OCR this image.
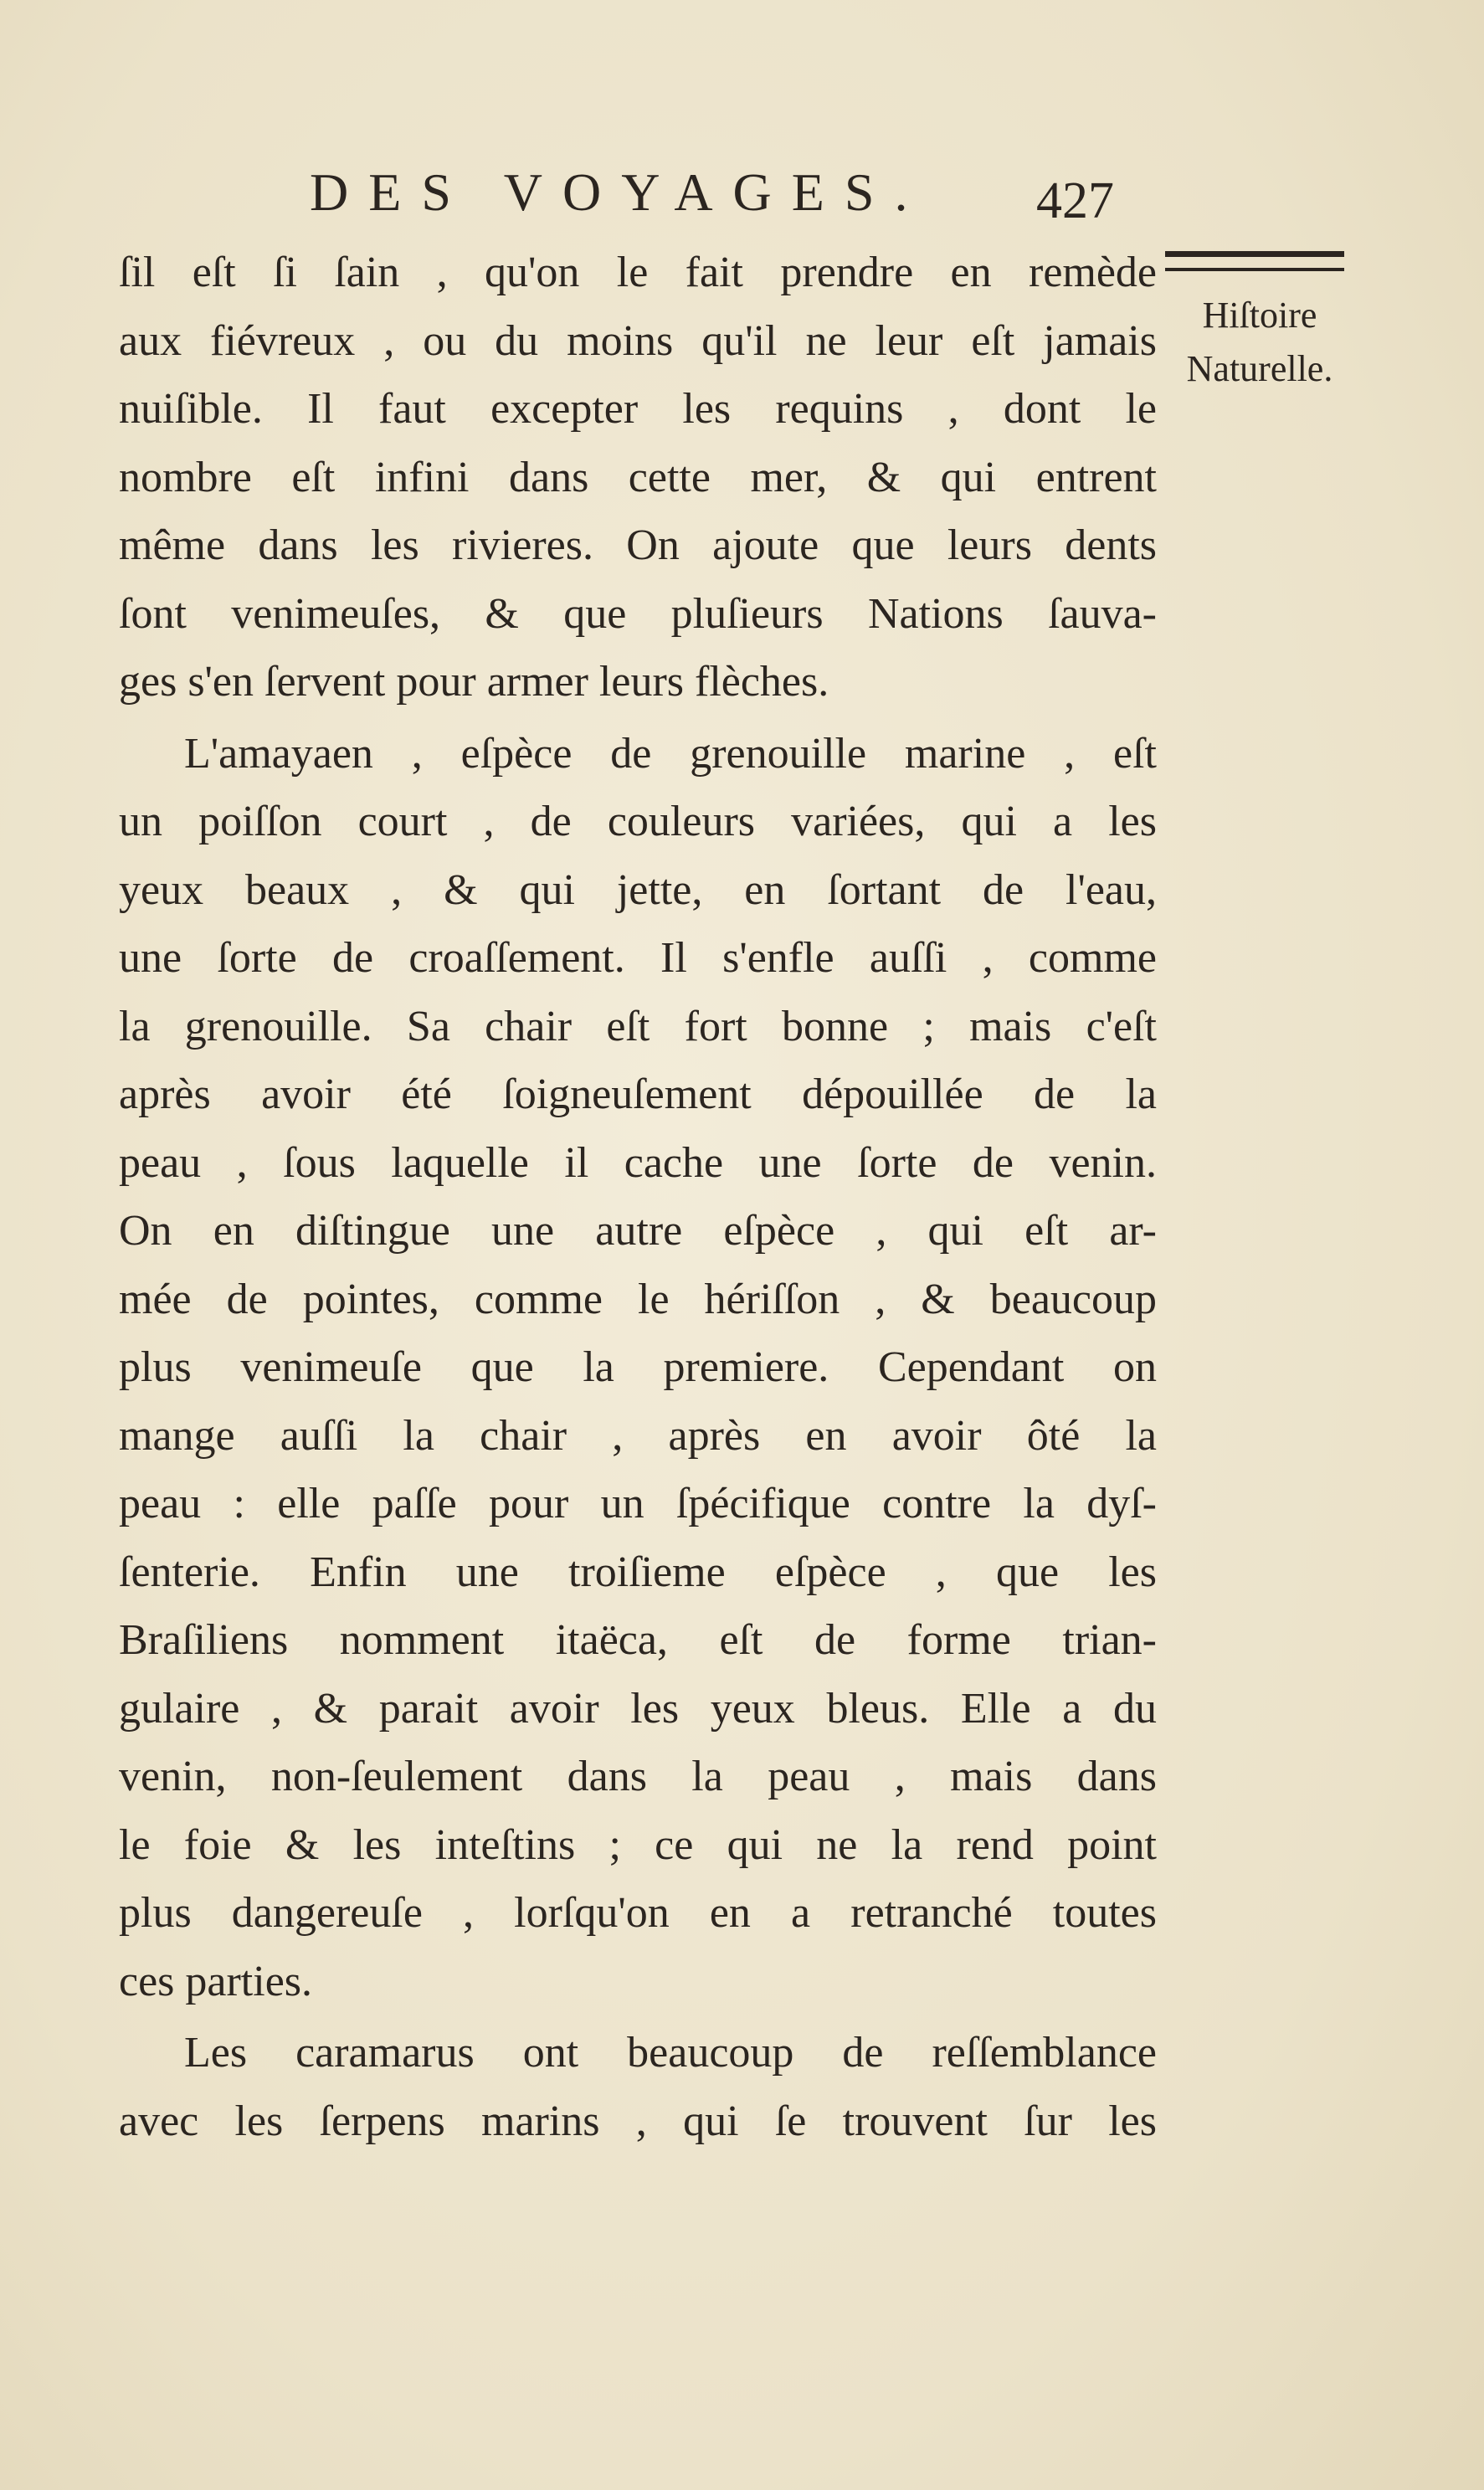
DES VOYAGES. 427
Hiſtoire
Naturelle.
ſil eſt ſi ſain , qu'on le fait prendre en remède
aux fiévreux , ou du moins qu'il ne leur eſt jamais
nuiſible. Il faut excepter les requins , dont le
nombre eſt infini dans cette mer, & qui entrent
même dans les rivieres. On ajoute que leurs dents
ſont venimeuſes, & que pluſieurs Nations ſauva-
ges s'en ſervent pour armer leurs flèches.
L'amayaen , eſpèce de grenouille marine , eſt
un poiſſon court , de couleurs variées, qui a les
yeux beaux , & qui jette, en ſortant de l'eau,
une ſorte de croaſſement. Il s'enfle auſſi , comme
la grenouille. Sa chair eſt fort bonne ; mais c'eſt
après avoir été ſoigneuſement dépouillée de la
peau , ſous laquelle il cache une ſorte de venin.
On en diſtingue une autre eſpèce , qui eſt ar-
mée de pointes, comme le hériſſon , & beaucoup
plus venimeuſe que la premiere. Cependant on
mange auſſi la chair , après en avoir ôté la
peau : elle paſſe pour un ſpécifique contre la dyſ-
ſenterie. Enfin une troiſieme eſpèce , que les
Braſiliens nomment itaëca, eſt de forme trian-
gulaire , & parait avoir les yeux bleus. Elle a du
venin, non-ſeulement dans la peau , mais dans
le foie & les inteſtins ; ce qui ne la rend point
plus dangereuſe , lorſqu'on en a retranché toutes
ces parties.
Les caramarus ont beaucoup de reſſemblance
avec les ſerpens marins , qui ſe trouvent ſur les
